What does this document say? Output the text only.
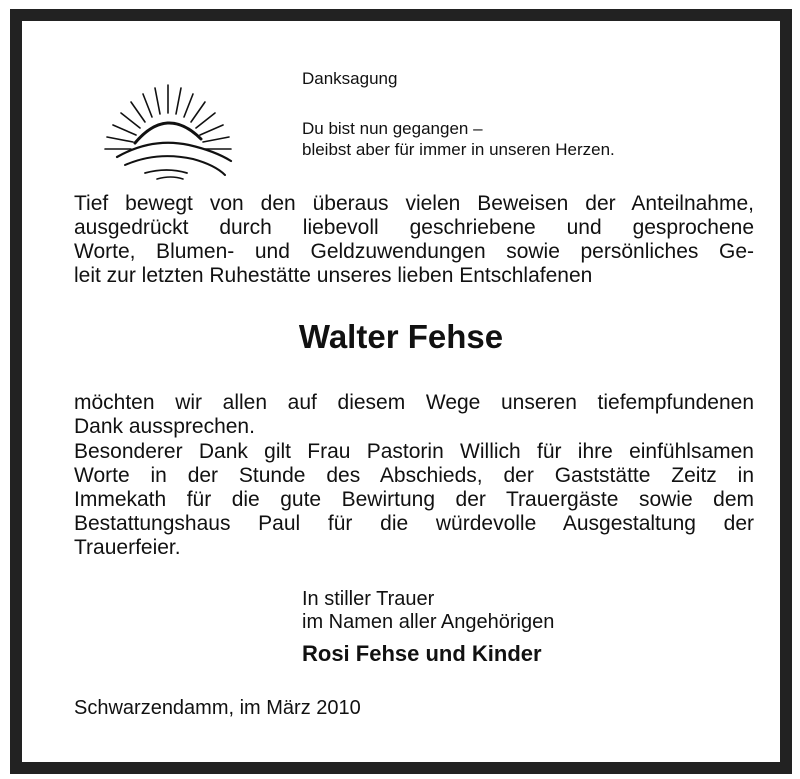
Danksagung

Du bist nun gegangen –

bleibst aber für immer in unseren Herzen.

Tief bewegt von den überaus vielen Beweisen der Anteilnahme,
ausgedrückt durch liebevoll geschriebene und gesprochene
Worte, Blumen- und Geldzuwendungen sowie persönliches Ge-
leit zur letzten Ruhestätte unseres lieben Entschlafenen
Walter Fehse
möchten wir allen auf diesem Wege unseren tiefempfundenen
Dank aussprechen.
Besonderer Dank gilt Frau Pastorin Willich für ihre einfühlsamen
Worte in der Stunde des Abschieds, der Gaststätte Zeitz in
Immekath für die gute Bewirtung der Trauergäste sowie dem
Bestattungshaus Paul für die würdevolle Ausgestaltung der
Trauerfeier.

In stiller Trauer

im Namen aller Angehörigen

Rosi Fehse und Kinder

Schwarzendamm, im März 2010
